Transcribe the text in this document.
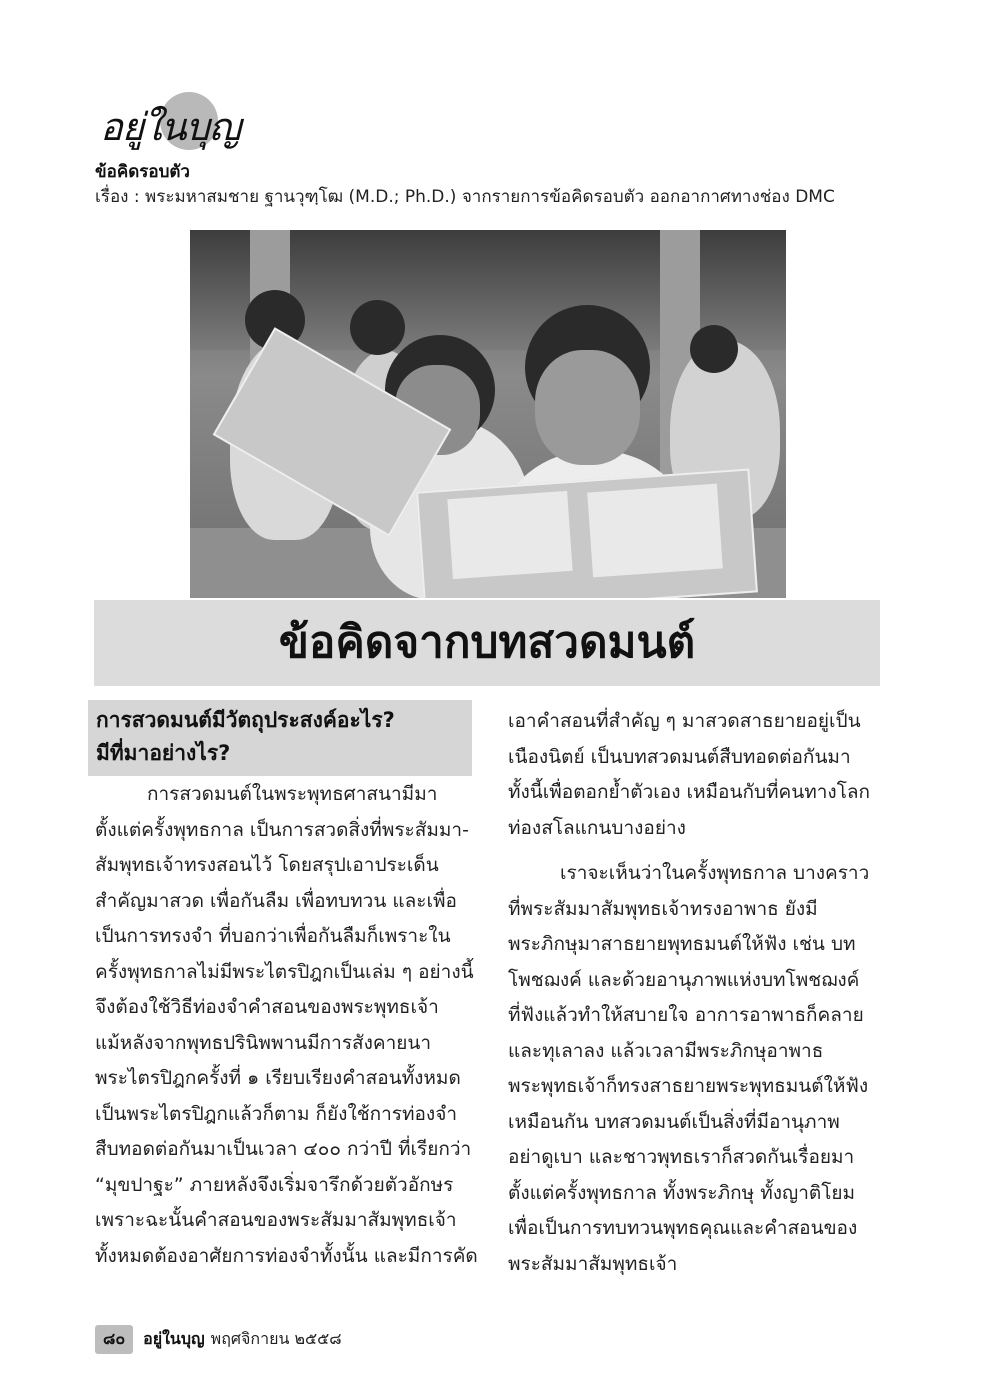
อยู่ในบุญ
ข้อคิดรอบตัว
เรื่อง : พระมหาสมชาย ฐานวุฑฺโฒ (M.D.; Ph.D.) จากรายการข้อคิดรอบตัว ออกอากาศทางช่อง DMC
ข้อคิดจากบทสวดมนต์
การสวดมนต์มีวัตถุประสงค์อะไร?
มีที่มาอย่างไร?
การสวดมนต์ในพระพุทธศาสนามีมา
ตั้งแต่ครั้งพุทธกาล เป็นการสวดสิ่งที่พระสัมมา-
สัมพุทธเจ้าทรงสอนไว้ โดยสรุปเอาประเด็น
สำคัญมาสวด เพื่อกันลืม เพื่อทบทวน และเพื่อ
เป็นการทรงจำ ที่บอกว่าเพื่อกันลืมก็เพราะใน
ครั้งพุทธกาลไม่มีพระไตรปิฎกเป็นเล่ม ๆ อย่างนี้
จึงต้องใช้วิธีท่องจำคำสอนของพระพุทธเจ้า
แม้หลังจากพุทธปรินิพพานมีการสังคายนา
พระไตรปิฎกครั้งที่ ๑ เรียบเรียงคำสอนทั้งหมด
เป็นพระไตรปิฎกแล้วก็ตาม ก็ยังใช้การท่องจำ
สืบทอดต่อกันมาเป็นเวลา ๔๐๐ กว่าปี ที่เรียกว่า
“มุขปาฐะ” ภายหลังจึงเริ่มจารึกด้วยตัวอักษร
เพราะฉะนั้นคำสอนของพระสัมมาสัมพุทธเจ้า
ทั้งหมดต้องอาศัยการท่องจำทั้งนั้น และมีการคัด
เอาคำสอนที่สำคัญ ๆ มาสวดสาธยายอยู่เป็น
เนืองนิตย์ เป็นบทสวดมนต์สืบทอดต่อกันมา
ทั้งนี้เพื่อตอกย้ำตัวเอง เหมือนกับที่คนทางโลก
ท่องสโลแกนบางอย่าง
เราจะเห็นว่าในครั้งพุทธกาล บางคราว
ที่พระสัมมาสัมพุทธเจ้าทรงอาพาธ ยังมี
พระภิกษุมาสาธยายพุทธมนต์ให้ฟัง เช่น บท
โพชฌงค์ และด้วยอานุภาพแห่งบทโพชฌงค์
ที่ฟังแล้วทำให้สบายใจ อาการอาพาธก็คลาย
และทุเลาลง แล้วเวลามีพระภิกษุอาพาธ
พระพุทธเจ้าก็ทรงสาธยายพระพุทธมนต์ให้ฟัง
เหมือนกัน บทสวดมนต์เป็นสิ่งที่มีอานุภาพ
อย่าดูเบา และชาวพุทธเราก็สวดกันเรื่อยมา
ตั้งแต่ครั้งพุทธกาล ทั้งพระภิกษุ ทั้งญาติโยม
เพื่อเป็นการทบทวนพุทธคุณและคำสอนของ
พระสัมมาสัมพุทธเจ้า
๘๐ อยู่ในบุญ พฤศจิกายน ๒๕๕๘
